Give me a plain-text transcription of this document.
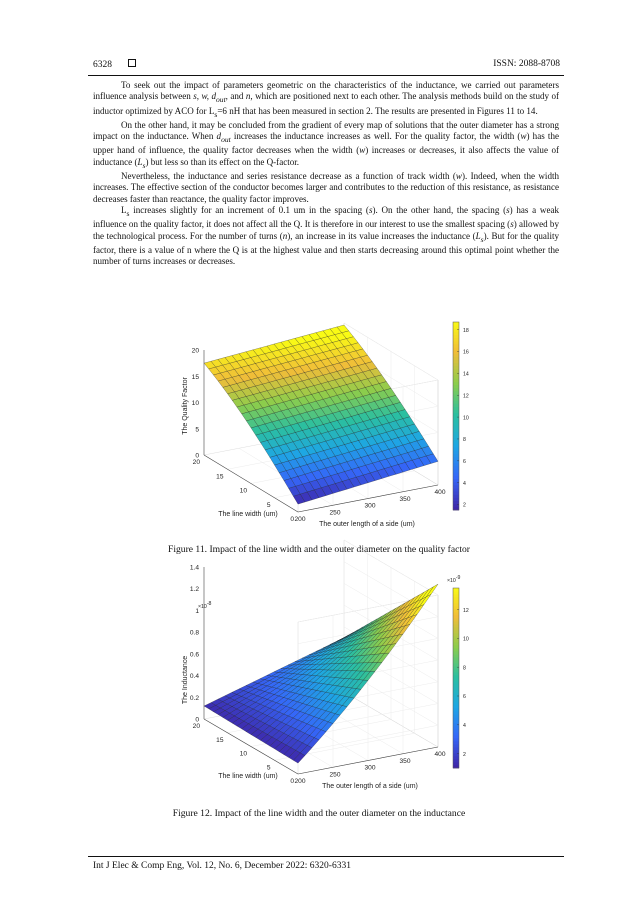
6328	ISSN: 2088-8708

To seek out the impact of parameters geometric on the characteristics of the inductance, we carried out parameters influence analysis between s, w, $d_{out}$, and n, which are positioned next to each other. The analysis methods build on the study of inductor optimized by ACO for $L_s=6$ nH that has been measured in section 2. The results are presented in Figures 11 to 14.

On the other hand, it may be concluded from the gradient of every map of solutions that the outer diameter has a strong impact on the inductance. When $d_{out}$ increases the inductance increases as well. For the quality factor, the width (w) has the upper hand of influence, the quality factor decreases when the width (w) increases or decreases, it also affects the value of inductance $(L_s)$ but less so than its effect on the Q-factor.

Nevertheless, the inductance and series resistance decrease as a function of track width (w). Indeed, when the width increases. The effective section of the conductor becomes larger and contributes to the reduction of this resistance, as resistance decreases faster than reactance, the quality factor improves.

$L_s$ increases slightly for an increment of 0.1 um in the spacing (s). On the other hand, the spacing (s) has a weak influence on the quality factor, it does not affect all the Q. It is therefore in our interest to use the smallest spacing (s) allowed by the technological process. For the number of turns (n), an increase in its value increases the inductance $(L_s)$. But for the quality factor, there is a value of n where the Q is at the highest value and then starts decreasing around this optimal point whether the number of turns increases or decreases.

0
5
10
15
20
200
250
300
350
400
0
5
10
15
20
The Quality Factor
The line width (um)
The outer length of a side (um)
2
4
6
8
10
12
14
16
18
Figure 11. Impact of the line width and the outer diameter on the quality factor
0
5
10
15
20
200
250
300
350
400
0
0.2
0.4
0.6
0.8
1
1.2
1.4
×10-8
The Inductance
The line width (um)
The outer length of a side (um)
2
4
6
8
10
12
×10-9
Figure 12. Impact of the line width and the outer diameter on the inductance
Int J Elec & Comp Eng, Vol. 12, No. 6, December 2022: 6320-6331
